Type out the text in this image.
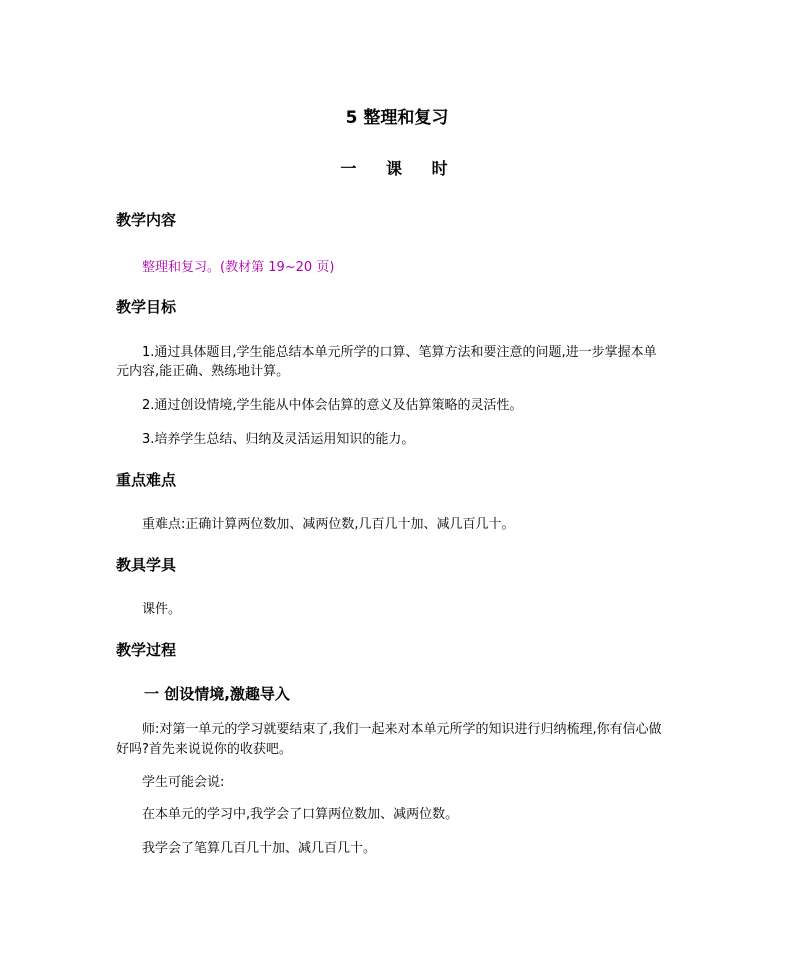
5 整理和复习
一 课 时
教学内容
整理和复习。(教材第 19~20 页)
教学目标
1.通过具体题目,学生能总结本单元所学的口算、笔算方法和要注意的问题,进一步掌握本单
元内容,能正确、熟练地计算。
2.通过创设情境,学生能从中体会估算的意义及估算策略的灵活性。
3.培养学生总结、归纳及灵活运用知识的能力。
重点难点
重难点:正确计算两位数加、减两位数,几百几十加、减几百几十。
教具学具
课件。
教学过程
一 创设情境,激趣导入
师:对第一单元的学习就要结束了,我们一起来对本单元所学的知识进行归纳梳理,你有信心做
好吗?首先来说说你的收获吧。
学生可能会说:
在本单元的学习中,我学会了口算两位数加、减两位数。
我学会了笔算几百几十加、减几百几十。
